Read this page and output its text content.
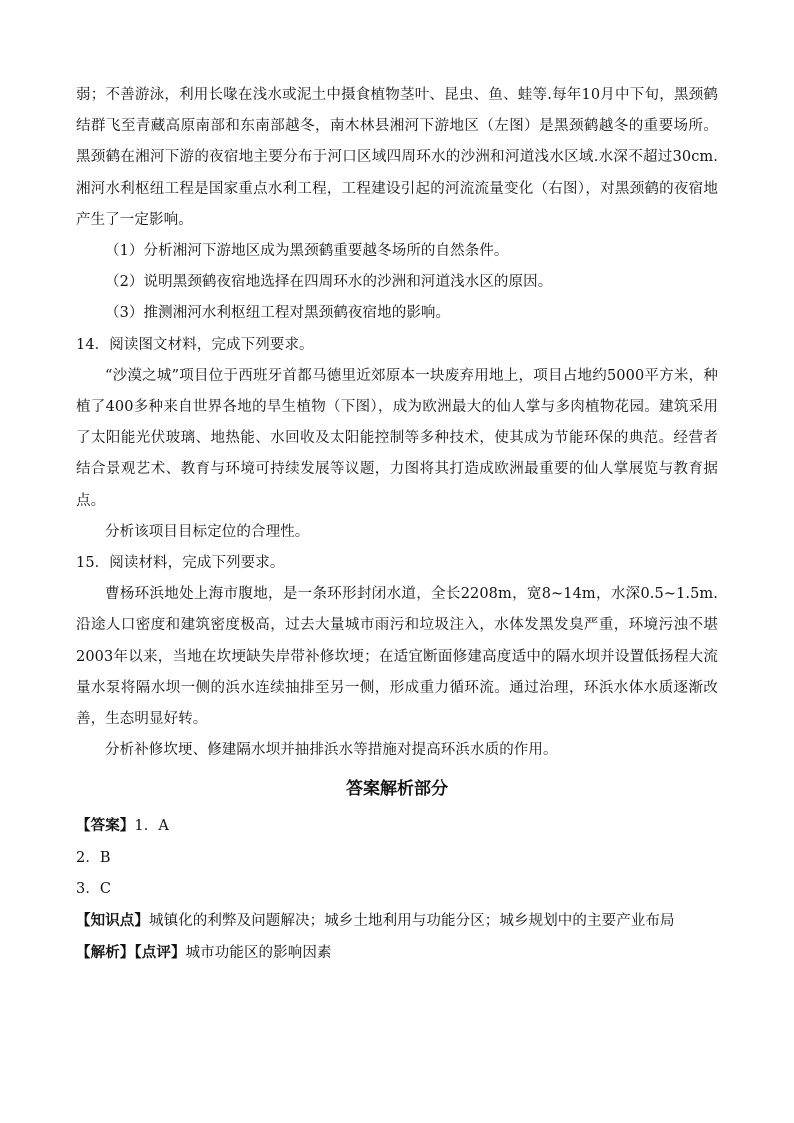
弱；不善游泳，利用长喙在浅水或泥土中摄食植物茎叶、昆虫、鱼、蛙等.每年10月中下旬，黑颈鹤结群飞至青藏高原南部和东南部越冬，南木林县湘河下游地区（左图）是黑颈鹤越冬的重要场所。黑颈鹤在湘河下游的夜宿地主要分布于河口区域四周环水的沙洲和河道浅水区域.水深不超过30cm.湘河水利枢纽工程是国家重点水利工程，工程建设引起的河流流量变化（右图），对黑颈鹤的夜宿地产生了一定影响。

（1）分析湘河下游地区成为黑颈鹤重要越冬场所的自然条件。

（2）说明黑颈鹤夜宿地选择在四周环水的沙洲和河道浅水区的原因。

（3）推测湘河水利枢纽工程对黑颈鹤夜宿地的影响。

14．阅读图文材料，完成下列要求。

“沙漠之城”项目位于西班牙首都马德里近郊原本一块废弃用地上，项目占地约5000平方米，种植了400多种来自世界各地的旱生植物（下图），成为欧洲最大的仙人掌与多肉植物花园。建筑采用了太阳能光伏玻璃、地热能、水回收及太阳能控制等多种技术，使其成为节能环保的典范。经营者结合景观艺术、教育与环境可持续发展等议题，力图将其打造成欧洲最重要的仙人掌展览与教育据点。

分析该项目目标定位的合理性。

15．阅读材料，完成下列要求。

曹杨环浜地处上海市腹地，是一条环形封闭水道，全长2208m，宽8~14m，水深0.5~1.5m.沿途人口密度和建筑密度极高，过去大量城市雨污和垃圾注入，水体发黑发臭严重，环境污浊不堪2003年以来，当地在坎埂缺失岸带补修坎埂；在适宜断面修建高度适中的隔水坝并设置低扬程大流量水泵将隔水坝一侧的浜水连续抽排至另一侧，形成重力循环流。通过治理，环浜水体水质逐渐改善，生态明显好转。

分析补修坎埂、修建隔水坝并抽排浜水等措施对提高环浜水质的作用。

答案解析部分

【答案】1．A

2．B

3．C

【知识点】城镇化的利弊及问题解决；城乡土地利用与功能分区；城乡规划中的主要产业布局

【解析】【点评】城市功能区的影响因素
